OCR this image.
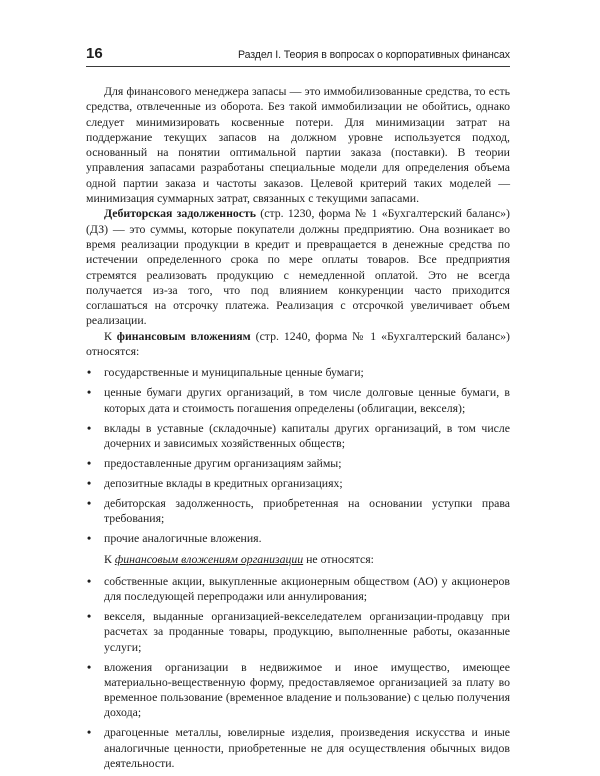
16	Раздел I. Теория в вопросах о корпоративных финансах

Для финансового менеджера запасы — это иммобилизованные средства, то есть средства, отвлеченные из оборота. Без такой иммобилизации не обойтись, однако следует минимизировать косвенные потери. Для минимизации затрат на поддержание текущих запасов на должном уровне используется подход, основанный на понятии оптимальной партии заказа (поставки). В теории управления запасами разработаны специальные модели для определения объема одной партии заказа и частоты заказов. Целевой критерий таких моделей — минимизация суммарных затрат, связанных с текущими запасами.

Дебиторская задолженность (стр. 1230, форма № 1 «Бухгалтерский баланс») (ДЗ) — это суммы, которые покупатели должны предприятию. Она возникает во время реализации продукции в кредит и превращается в денежные средства по истечении определенного срока по мере оплаты товаров. Все предприятия стремятся реализовать продукцию с немедленной оплатой. Это не всегда получается из-за того, что под влиянием конкуренции часто приходится соглашаться на отсрочку платежа. Реализация с отсрочкой увеличивает объем реализации.

К финансовым вложениям (стр. 1240, форма № 1 «Бухгалтерский баланс») относятся:

• государственные и муниципальные ценные бумаги;
• ценные бумаги других организаций, в том числе долговые ценные бумаги, в которых дата и стоимость погашения определены (облигации, векселя);
• вклады в уставные (складочные) капиталы других организаций, в том числе дочерних и зависимых хозяйственных обществ;
• предоставленные другим организациям займы;
• депозитные вклады в кредитных организациях;
• дебиторская задолженность, приобретенная на основании уступки права требования;
• прочие аналогичные вложения.

К финансовым вложениям организации не относятся:

• собственные акции, выкупленные акционерным обществом (АО) у акционеров для последующей перепродажи или аннулирования;
• векселя, выданные организацией-векселедателем организации-продавцу при расчетах за проданные товары, продукцию, выполненные работы, оказанные услуги;
• вложения организации в недвижимое и иное имущество, имеющее материально-вещественную форму, предоставляемое организацией за плату во временное пользование (временное владение и пользование) с целью получения дохода;
• драгоценные металлы, ювелирные изделия, произведения искусства и иные аналогичные ценности, приобретенные не для осуществления обычных видов деятельности.
